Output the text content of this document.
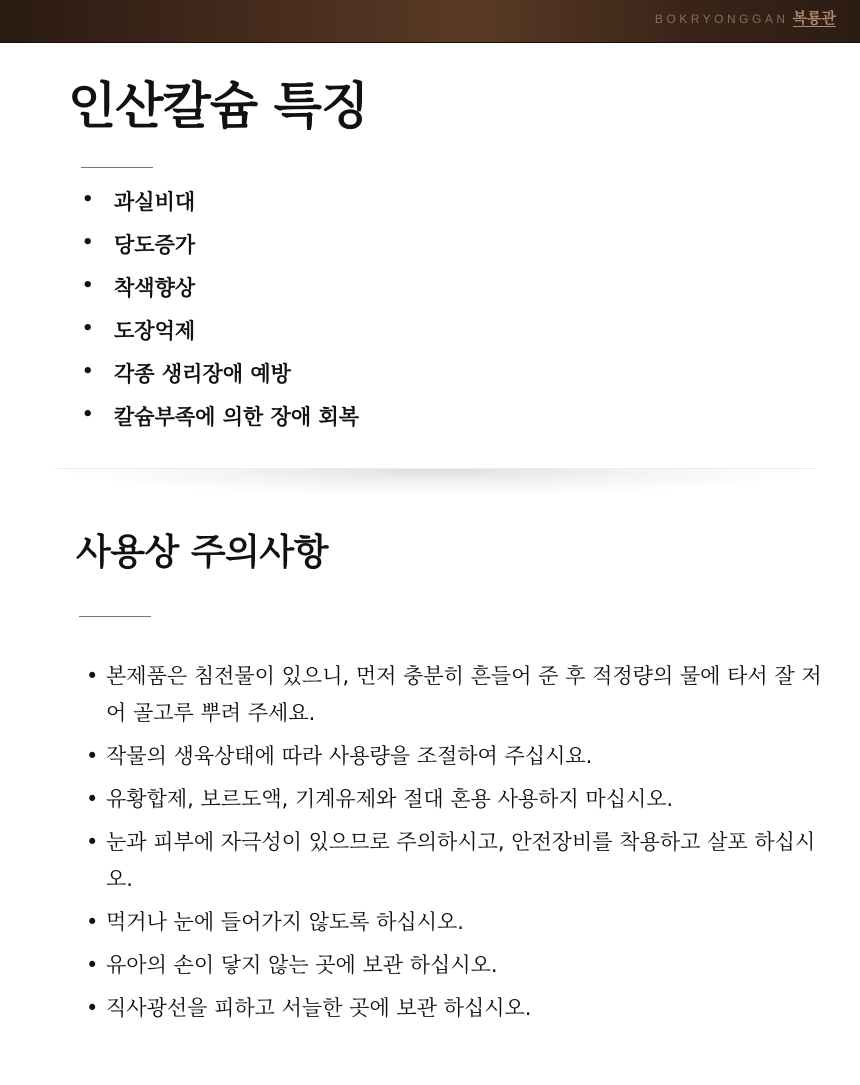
BOKRYONGGAN 복룡관
인산칼슘 특징
• 과실비대
• 당도증가
• 착색향상
• 도장억제
• 각종 생리장애 예방
• 칼슘부족에 의한 장애 회복
사용상 주의사항
• 본제품은 침전물이 있으니, 먼저 충분히 흔들어 준 후 적정량의 물에 타서 잘 저어 골고루 뿌려 주세요.
• 작물의 생육상태에 따라 사용량을 조절하여 주십시요.
• 유황합제, 보르도액, 기계유제와 절대 혼용 사용하지 마십시오.
• 눈과 피부에 자극성이 있으므로 주의하시고, 안전장비를 착용하고 살포 하십시오.
• 먹거나 눈에 들어가지 않도록 하십시오.
• 유아의 손이 닿지 않는 곳에 보관 하십시오.
• 직사광선을 피하고 서늘한 곳에 보관 하십시오.
